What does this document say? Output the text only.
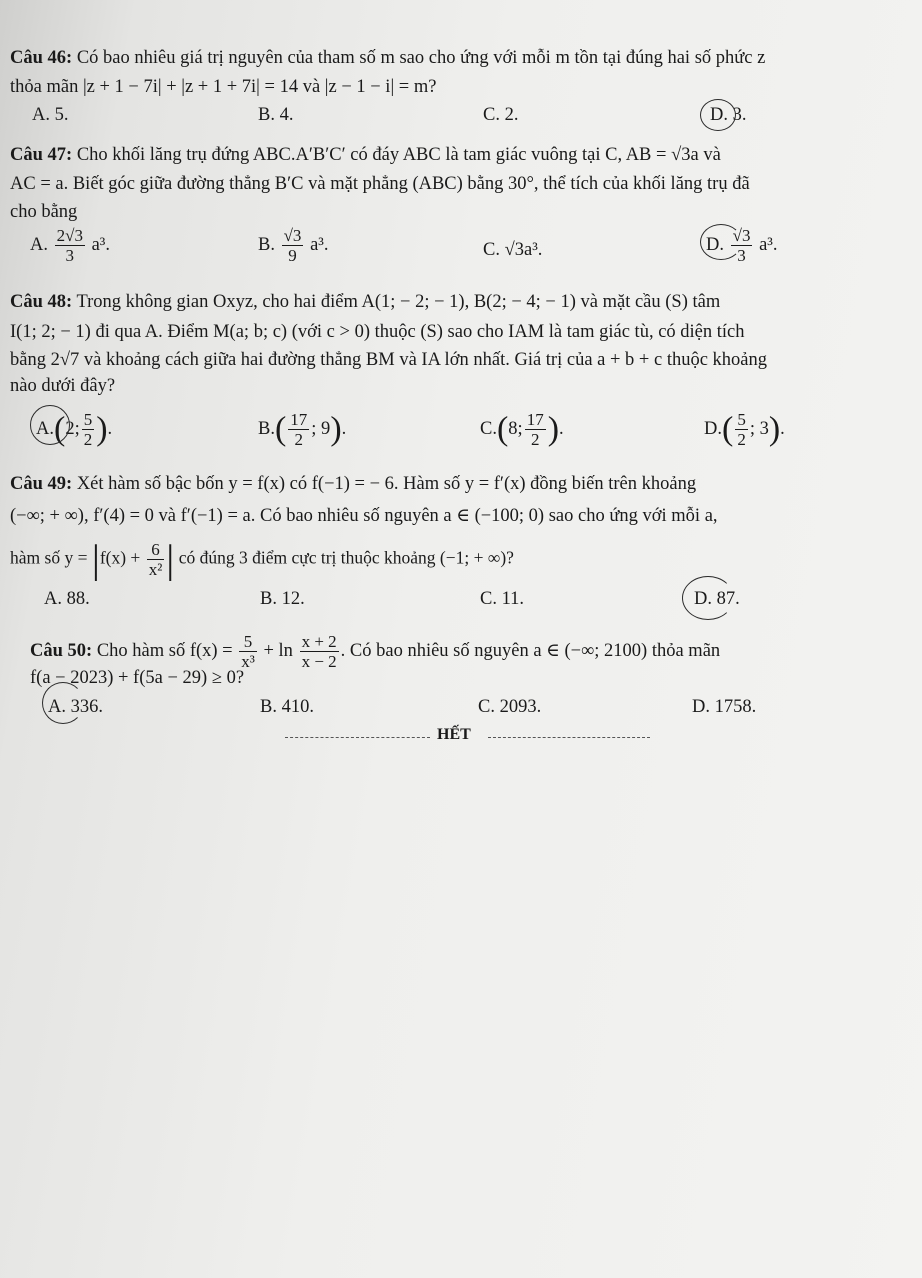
Câu 46: Có bao nhiêu giá trị nguyên của tham số m sao cho ứng với mỗi m tồn tại đúng hai số phức z
thỏa mãn |z + 1 − 7i| + |z + 1 + 7i| = 14 và |z − 1 − i| = m?
A. 5.	B. 4.	C. 2.	D. 3.
Câu 47: Cho khối lăng trụ đứng ABC.A′B′C′ có đáy ABC là tam giác vuông tại C, AB = √3a và
AC = a. Biết góc giữa đường thẳng B′C và mặt phẳng (ABC) bằng 30°, thể tích của khối lăng trụ đã
cho bằng
A. $\frac{2√3}{3} a^3$.	B. $\frac{√3}{9} a^3$.	C. √3a³.	D. $\frac{√3}{3} a^3$.
Câu 48: Trong không gian Oxyz, cho hai điểm A(1; − 2; − 1), B(2; − 4; − 1) và mặt cầu (S) tâm
I(1; 2; − 1) đi qua A. Điểm M(a; b; c) (với c > 0) thuộc (S) sao cho IAM là tam giác tù, có diện tích
bằng 2√7 và khoảng cách giữa hai đường thẳng BM và IA lớn nhất. Giá trị của a + b + c thuộc khoảng
nào dưới đây?
A.(2; $\frac{5}{2}$ ).	$B.( \frac{17}{2}$ ; 9).	C.(8; $\frac{17}{2}$ ).	$D.( \frac{5}{2}$ ; 3).
Câu 49: Xét hàm số bậc bốn y = f(x) có f(−1) = − 6. Hàm số y = f′(x) đồng biến trên khoảng
(−∞; + ∞), f′(4) = 0 và f′(−1) = a. Có bao nhiêu số nguyên a ∈ (−100; 0) sao cho ứng với mỗi a,
hàm số $y = |f(x) + \frac{6}{\text{x²}}$ | có đúng 3 điểm cực trị thuộc khoảng (−1; + ∞)?
A. 88.	B. 12.	C. 11.	D. 87.
Câu 50: Cho hàm số $f(x) = \frac{5}{\text{x³}} + \ln \frac{x + 2}{x - 2}$ . Có bao nhiêu số nguyên a ∈ (−∞; 2100) thỏa mãn
f(a − 2023) + f(5a − 29) ≥ 0?
A. 336.	B. 410.	C. 2093.	D. 1758.
HẾT
